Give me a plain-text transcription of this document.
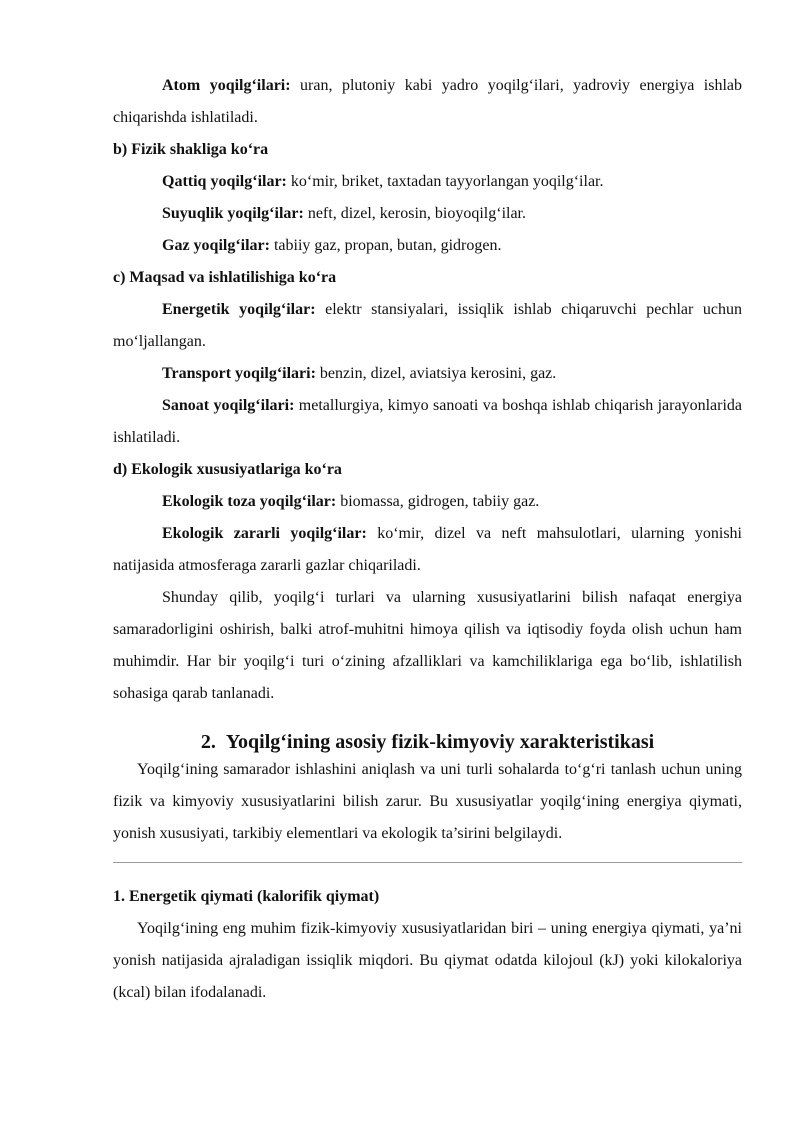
Atom yoqilg‘ilari: uran, plutoniy kabi yadro yoqilg‘ilari, yadroviy energiya ishlab chiqarishda ishlatiladi.

b) Fizik shakliga ko‘ra

Qattiq yoqilg‘ilar: ko‘mir, briket, taxtadan tayyorlangan yoqilg‘ilar.

Suyuqlik yoqilg‘ilar: neft, dizel, kerosin, bioyoqilg‘ilar.

Gaz yoqilg‘ilar: tabiiy gaz, propan, butan, gidrogen.

c) Maqsad va ishlatilishiga ko‘ra

Energetik yoqilg‘ilar: elektr stansiyalari, issiqlik ishlab chiqaruvchi pechlar uchun mo‘ljallangan.

Transport yoqilg‘ilari: benzin, dizel, aviatsiya kerosini, gaz.

Sanoat yoqilg‘ilari: metallurgiya, kimyo sanoati va boshqa ishlab chiqarish jarayonlarida ishlatiladi.

d) Ekologik xususiyatlariga ko‘ra

Ekologik toza yoqilg‘ilar: biomassa, gidrogen, tabiiy gaz.

Ekologik zararli yoqilg‘ilar: ko‘mir, dizel va neft mahsulotlari, ularning yonishi natijasida atmosferaga zararli gazlar chiqariladi.

Shunday qilib, yoqilg‘i turlari va ularning xususiyatlarini bilish nafaqat energiya samaradorligini oshirish, balki atrof-muhitni himoya qilish va iqtisodiy foyda olish uchun ham muhimdir. Har bir yoqilg‘i turi o‘zining afzalliklari va kamchiliklariga ega bo‘lib, ishlatilish sohasiga qarab tanlanadi.

2. Yoqilg‘ining asosiy fizik-kimyoviy xarakteristikasi

Yoqilg‘ining samarador ishlashini aniqlash va uni turli sohalarda to‘g‘ri tanlash uchun uning fizik va kimyoviy xususiyatlarini bilish zarur. Bu xususiyatlar yoqilg‘ining energiya qiymati, yonish xususiyati, tarkibiy elementlari va ekologik ta’sirini belgilaydi.

1. Energetik qiymati (kalorifik qiymat)

Yoqilg‘ining eng muhim fizik-kimyoviy xususiyatlaridan biri – uning energiya qiymati, ya’ni yonish natijasida ajraladigan issiqlik miqdori. Bu qiymat odatda kilojoul (kJ) yoki kilokaloriya (kcal) bilan ifodalanadi.
